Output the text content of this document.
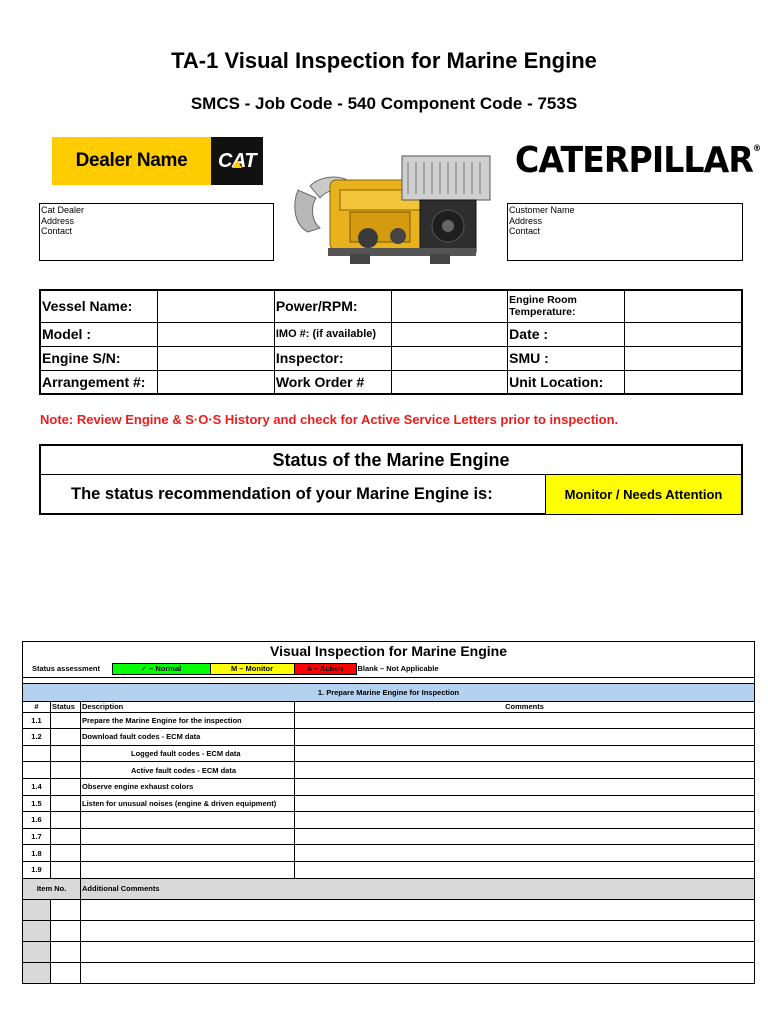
TA-1 Visual Inspection for Marine Engine
SMCS - Job Code - 540 Component Code - 753S
Dealer Name	CAT	CATERPILLAR®
Cat Dealer
Address
Contact
Customer Name
Address
Contact
Vessel Name:		Power/RPM:		Engine Room Temperature:	
Model :		IMO #: (if available)		Date :	
Engine S/N:		Inspector:		SMU :	
Arrangement #:		Work Order #		Unit Location:	
Note: Review Engine & S·O·S History and check for Active Service Letters prior to inspection.
Status of the Marine Engine
The status recommendation of your Marine Engine is:	Monitor / Needs Attention
Visual Inspection for Marine Engine

Status assessment	✓ – Normal	M – Monitor	A – Action	Blank – Not Applicable

1. Prepare Marine Engine for Inspection
#	Status	Description	Comments
1.1		Prepare the Marine Engine for the inspection	
1.2		Download fault codes - ECM data	
		Logged fault codes - ECM data	
		Active fault codes - ECM data	
1.4		Observe engine exhaust colors	
1.5		Listen for unusual noises (engine & driven equipment)	
1.6			
1.7			
1.8			
1.9			
Item No.	Additional Comments
